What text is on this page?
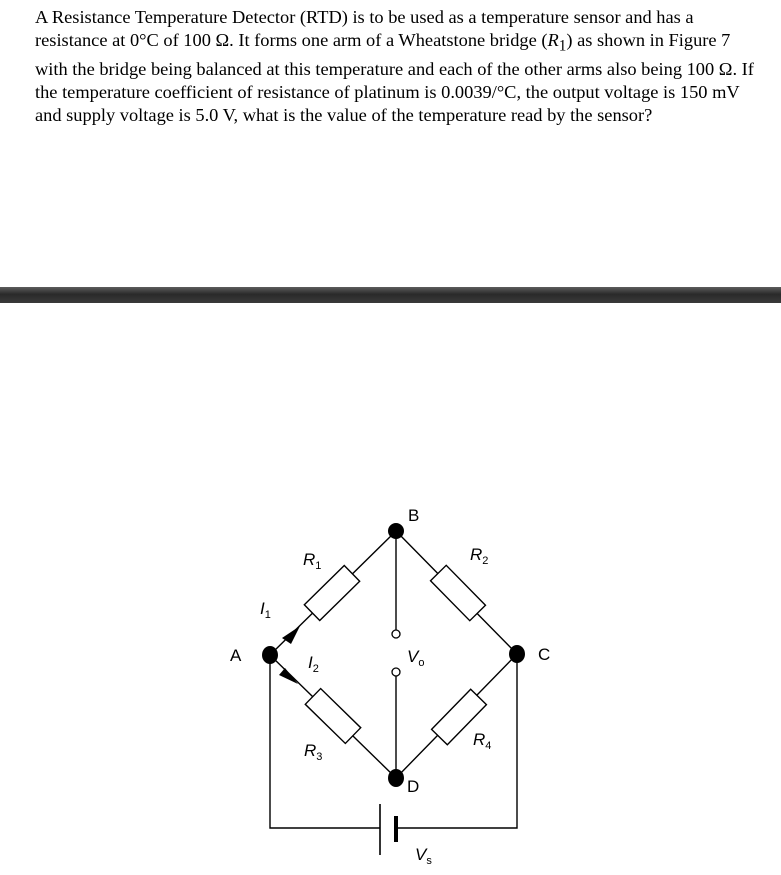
A Resistance Temperature Detector (RTD) is to be used as a temperature sensor and has a resistance at 0°C of 100 Ω. It forms one arm of a Wheatstone bridge $(R_1)$ as shown in Figure 7 with the bridge being balanced at this temperature and each of the other arms also being 100 Ω. If the temperature coefficient of resistance of platinum is 0.0039/°C, the output voltage is 150 mV and supply voltage is 5.0 V, what is the value of the temperature read by the sensor?

A
B
C
D
$R_1$
$R_2$
$R_3$
$R_4$
$I_1$
$I_2$
$V_o$
$V_s$
